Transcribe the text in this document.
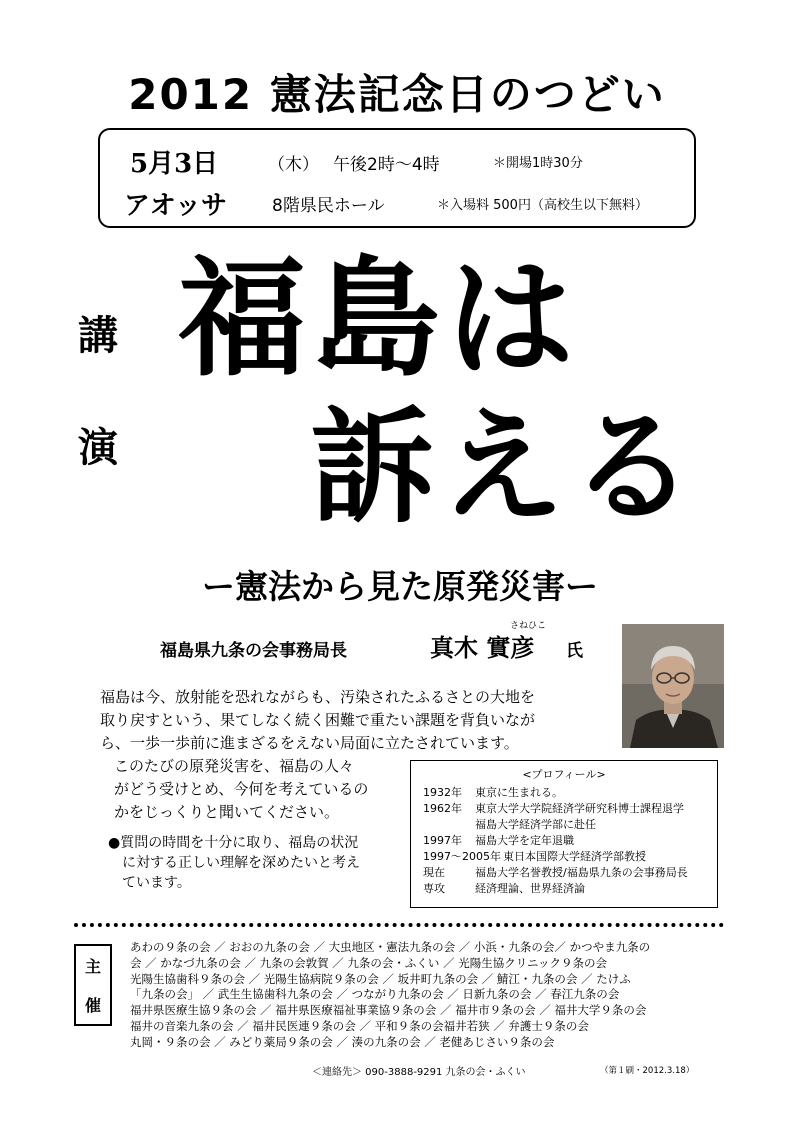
2012 憲法記念日のつどい
5月3日	（木） 午後2時～4時	＊開場1時30分
アオッサ	8階県民ホール	＊入場料 500円（高校生以下無料）
講
演
福島は
訴える
ー憲法から見た原発災害ー
福島県九条の会事務局長
さねひこ
真木 實彦 氏
福島は今、放射能を恐れながらも、汚染されたふるさとの大地を
取り戻すという、果てしなく続く困難で重たい課題を背負いなが
ら、一歩一歩前に進まざるをえない局面に立たされています。
このたびの原発災害を、福島の人々
がどう受けとめ、今何を考えているの
かをじっくりと聞いてください。
●質問の時間を十分に取り、福島の状況
に対する正しい理解を深めたいと考え
ています。
<プロフィール>
1932年	東京に生まれる。
1962年	東京大学大学院経済学研究科博士課程退学
福島大学経済学部に赴任
1997年	福島大学を定年退職
1997～2005年 東日本国際大学経済学部教授
現在	福島大学名誉教授/福島県九条の会事務局長
専攻	経済理論、世界経済論
主
催
あわの９条の会 ／ おおの九条の会 ／ 大虫地区・憲法九条の会 ／ 小浜・九条の会／ かつやま九条の
会 ／ かなづ九条の会 ／ 九条の会敦賀 ／ 九条の会・ふくい ／ 光陽生協クリニック９条の会
光陽生協歯科９条の会 ／ 光陽生協病院９条の会 ／ 坂井町九条の会 ／ 鯖江・九条の会 ／ たけふ
「九条の会」 ／ 武生生協歯科九条の会 ／ つながり九条の会 ／ 日新九条の会 ／ 春江九条の会
福井県医療生協９条の会 ／ 福井県医療福祉事業協９条の会 ／ 福井市９条の会 ／ 福井大学９条の会
福井の音楽九条の会 ／ 福井民医連９条の会 ／ 平和９条の会福井若狭 ／ 弁護士９条の会
丸岡・９条の会 ／ みどり薬局９条の会 ／ 湊の九条の会 ／ 老健あじさい９条の会
＜連絡先＞ 090-3888-9291 九条の会・ふくい	（第１刷・2012.3.18）
